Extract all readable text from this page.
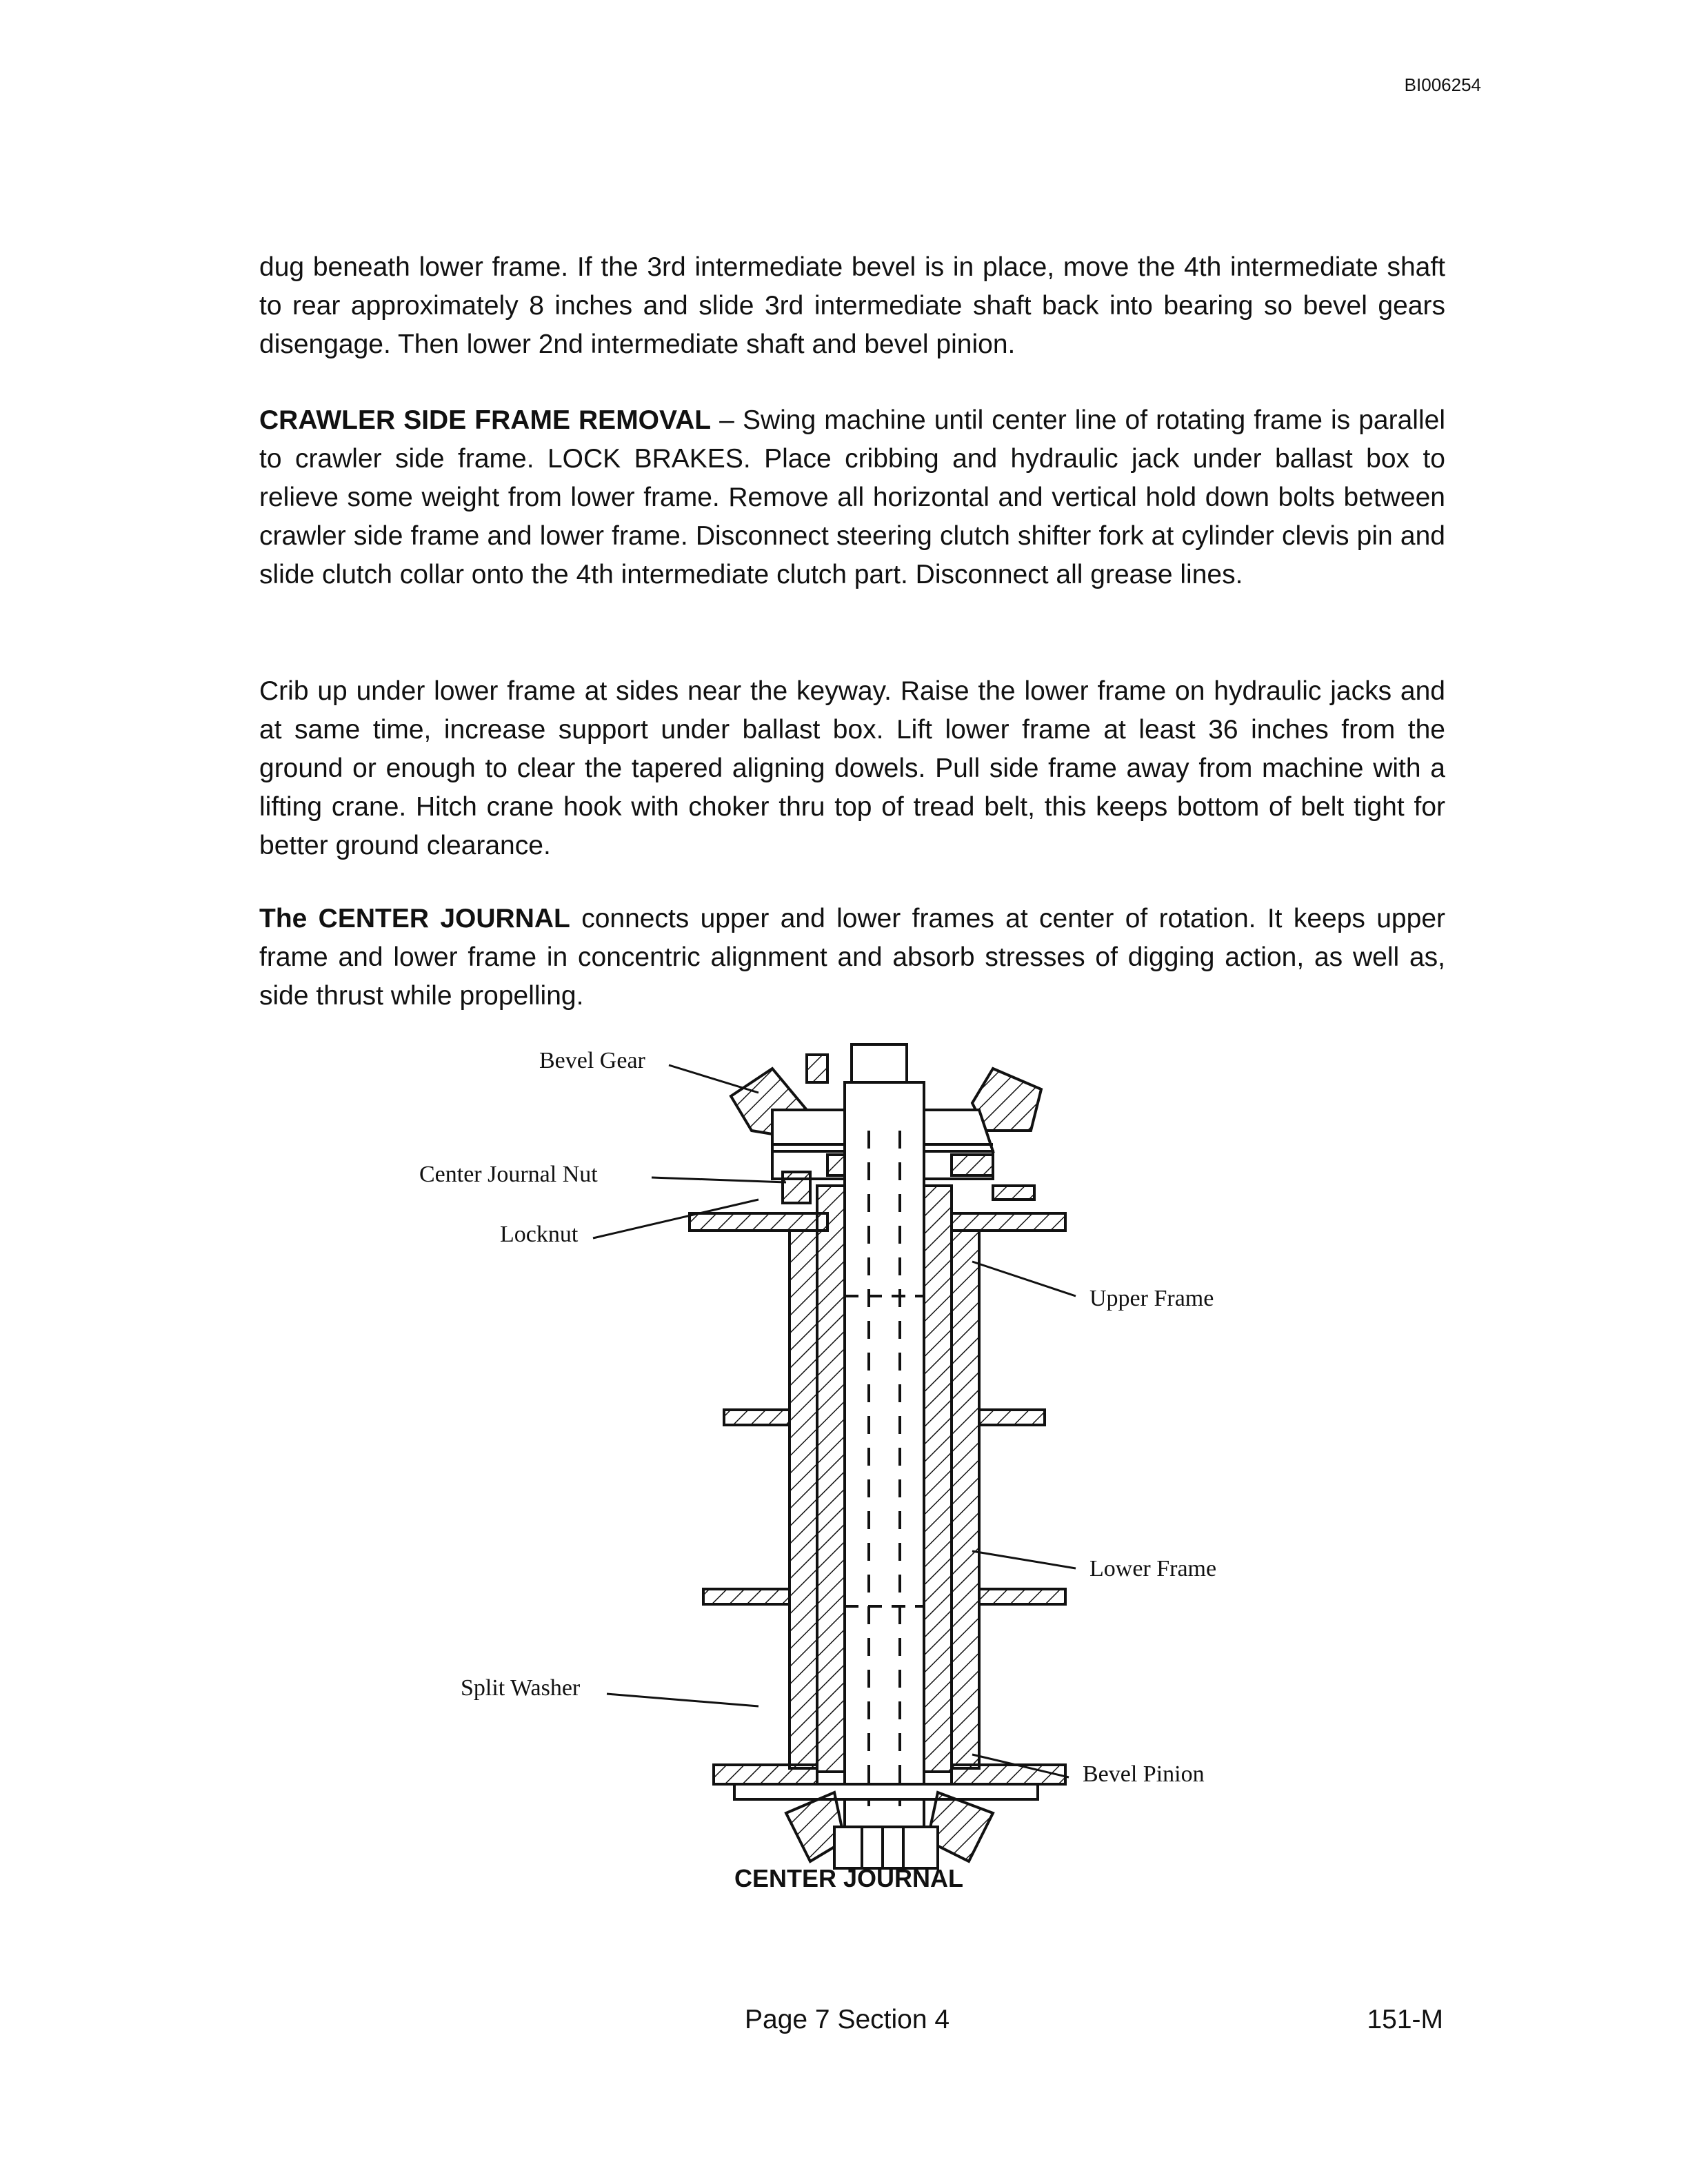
BI006254
dug beneath lower frame. If the 3rd intermediate bevel is in place, move the 4th intermediate shaft to rear approximately 8 inches and slide 3rd intermediate shaft back into bearing so bevel gears disengage. Then lower 2nd intermediate shaft and bevel pinion.
CRAWLER SIDE FRAME REMOVAL – Swing machine until center line of rotating frame is parallel to crawler side frame. LOCK BRAKES. Place cribbing and hydraulic jack under ballast box to relieve some weight from lower frame. Remove all horizontal and vertical hold down bolts between crawler side frame and lower frame. Disconnect steering clutch shifter fork at cylinder clevis pin and slide clutch collar onto the 4th intermediate clutch part. Disconnect all grease lines.
Crib up under lower frame at sides near the keyway. Raise the lower frame on hydraulic jacks and at same time, increase support under ballast box. Lift lower frame at least 36 inches from the ground or enough to clear the tapered aligning dowels. Pull side frame away from machine with a lifting crane. Hitch crane hook with choker thru top of tread belt, this keeps bottom of belt tight for better ground clearance.
The CENTER JOURNAL connects upper and lower frames at center of rotation. It keeps upper frame and lower frame in concentric alignment and absorb stresses of digging action, as well as, side thrust while propelling.
Bevel Gear
Center Journal Nut
Locknut
Upper Frame
Lower Frame
Split Washer
Bevel Pinion
CENTER JOURNAL
Page 7 Section 4	151-M
